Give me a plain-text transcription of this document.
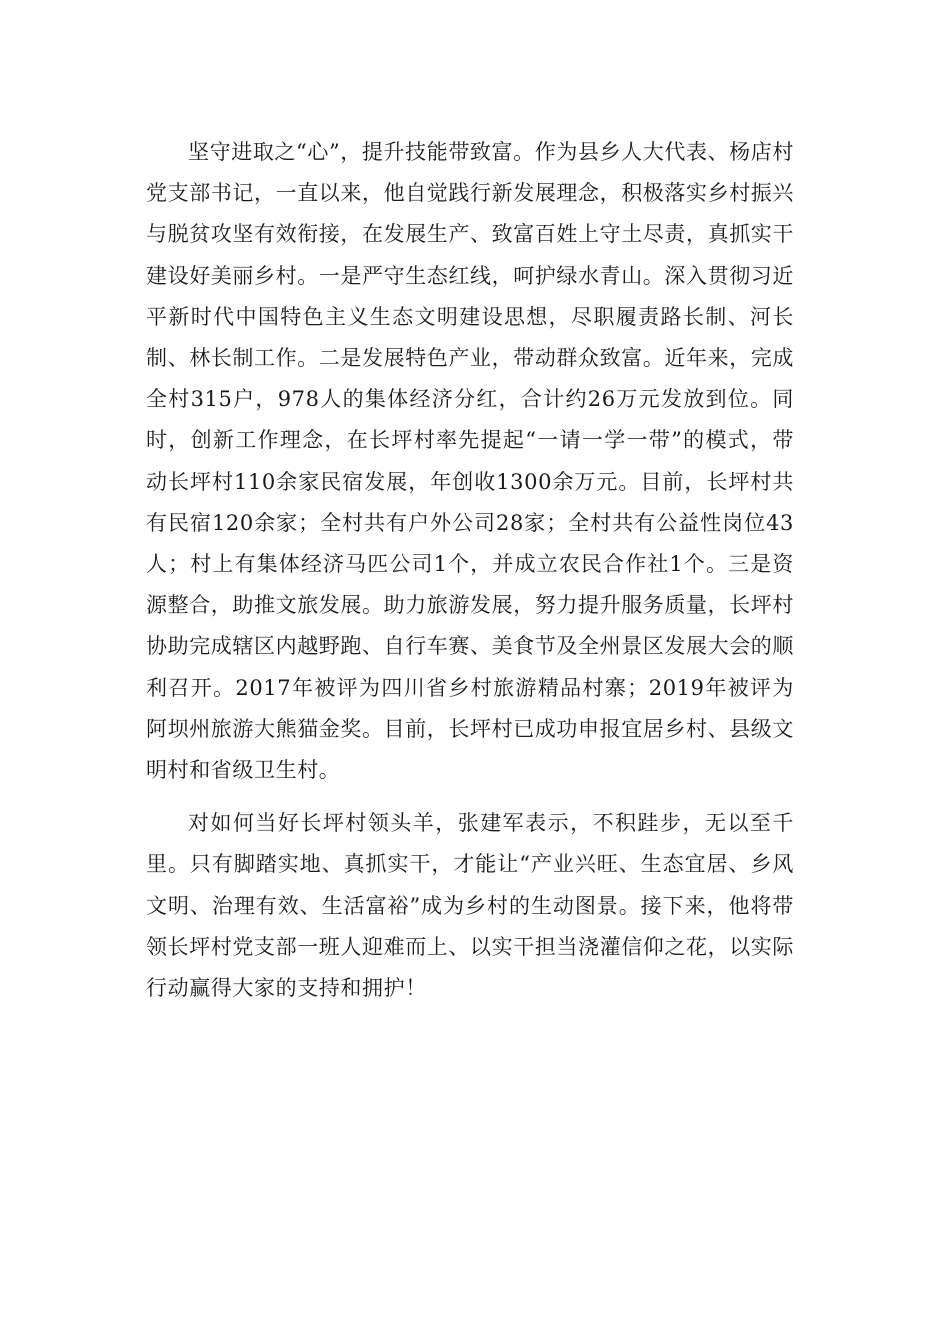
坚守进取之“心”，提升技能带致富。作为县乡人大代表、杨店村党支部书记，一直以来，他自觉践行新发展理念，积极落实乡村振兴与脱贫攻坚有效衔接，在发展生产、致富百姓上守土尽责，真抓实干建设好美丽乡村。一是严守生态红线，呵护绿水青山。深入贯彻习近平新时代中国特色主义生态文明建设思想，尽职履责路长制、河长制、林长制工作。二是发展特色产业，带动群众致富。近年来，完成全村315户，978人的集体经济分红，合计约26万元发放到位。同时，创新工作理念，在长坪村率先提起“一请一学一带”的模式，带动长坪村110余家民宿发展，年创收1300余万元。目前，长坪村共有民宿120余家；全村共有户外公司28家；全村共有公益性岗位43人；村上有集体经济马匹公司1个，并成立农民合作社1个。三是资源整合，助推文旅发展。助力旅游发展，努力提升服务质量，长坪村协助完成辖区内越野跑、自行车赛、美食节及全州景区发展大会的顺利召开。2017年被评为四川省乡村旅游精品村寨；2019年被评为阿坝州旅游大熊猫金奖。目前，长坪村已成功申报宜居乡村、县级文明村和省级卫生村。

对如何当好长坪村领头羊，张建军表示，不积跬步，无以至千里。只有脚踏实地、真抓实干，才能让“产业兴旺、生态宜居、乡风文明、治理有效、生活富裕”成为乡村的生动图景。接下来，他将带领长坪村党支部一班人迎难而上、以实干担当浇灌信仰之花，以实际行动赢得大家的支持和拥护！
